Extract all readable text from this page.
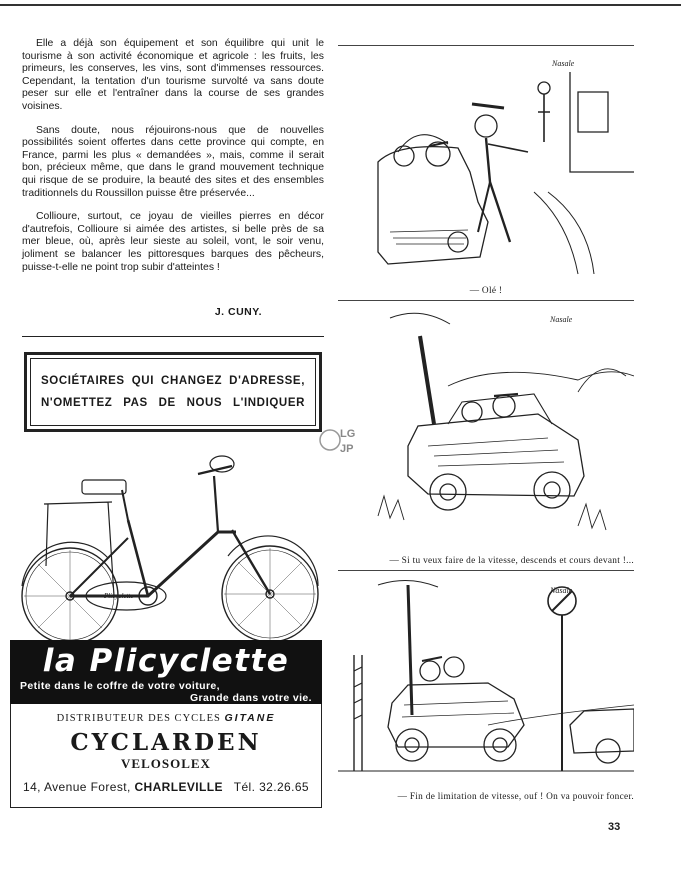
Elle a déjà son équipement et son équilibre qui unit le tourisme à son activité économique et agricole : les fruits, les primeurs, les conserves, les vins, sont d'immenses ressources. Cependant, la tentation d'un tourisme survolté va sans doute peser sur elle et l'entraîner dans la course de ses grandes voisines.

Sans doute, nous réjouirons-nous que de nouvelles possibilités soient offertes dans cette province qui compte, en France, parmi les plus « demandées », mais, comme il serait bon, précieux même, que dans le grand mouvement technique qui risque de se produire, la beauté des sites et des ensembles traditionnels du Roussillon puisse être préservée...

Collioure, surtout, ce joyau de vieilles pierres en décor d'autrefois, Collioure si aimée des artistes, si belle près de sa mer bleue, où, après leur sieste au soleil, vont, le soir venu, joliment se balancer les pittoresques barques des pêcheurs, puisse-t-elle ne point trop subir d'atteintes !

J. CUNY.
SOCIÉTAIRES QUI CHANGEZ D'ADRESSE,
N'OMETTEZ PAS DE NOUS L'INDIQUER
LG
JP
Plicyclette
la Plicyclette
Petite dans le coffre de votre voiture,
Grande dans votre vie.
DISTRIBUTEUR DES CYCLES GITANE
CYCLARDEN
VELOSOLEX
14, Avenue Forest, CHARLEVILLE Tél. 32.26.65
Nasale
— Olé !
Nasale
— Si tu veux faire de la vitesse, descends et cours devant !...
Nasale
— Fin de limitation de vitesse, ouf ! On va pouvoir foncer.
33
